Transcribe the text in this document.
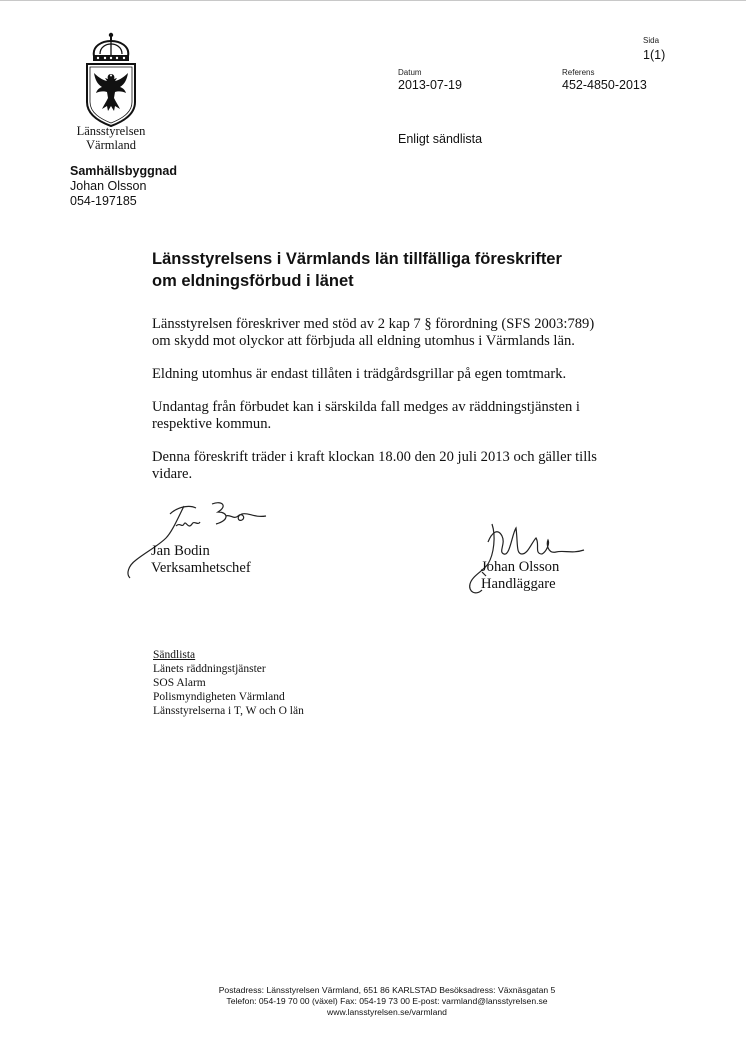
Länsstyrelsen
Värmland
Samhällsbyggnad
Johan Olsson
054-197185
Sida
1(1)
Datum
2013-07-19
Referens
452-4850-2013
Enligt sändlista
Länsstyrelsens i Värmlands län tillfälliga föreskrifter
om eldningsförbud i länet

Länsstyrelsen föreskriver med stöd av 2 kap 7 § förordning (SFS 2003:789)
om skydd mot olyckor att förbjuda all eldning utomhus i Värmlands län.

Eldning utomhus är endast tillåten i trädgårdsgrillar på egen tomtmark.

Undantag från förbudet kan i särskilda fall medges av räddningstjänsten i
respektive kommun.

Denna föreskrift träder i kraft klockan 18.00 den 20 juli 2013 och gäller tills
vidare.

Jan Bodin
Verksamhetschef	Johan Olsson
Handläggare
Sändlista
Länets räddningstjänster
SOS Alarm
Polismyndigheten Värmland
Länsstyrelserna i T, W och O län
Postadress: Länsstyrelsen Värmland, 651 86 KARLSTAD Besöksadress: Växnäsgatan 5
Telefon: 054-19 70 00 (växel) Fax: 054-19 73 00 E-post: varmland@lansstyrelsen.se
www.lansstyrelsen.se/varmland
